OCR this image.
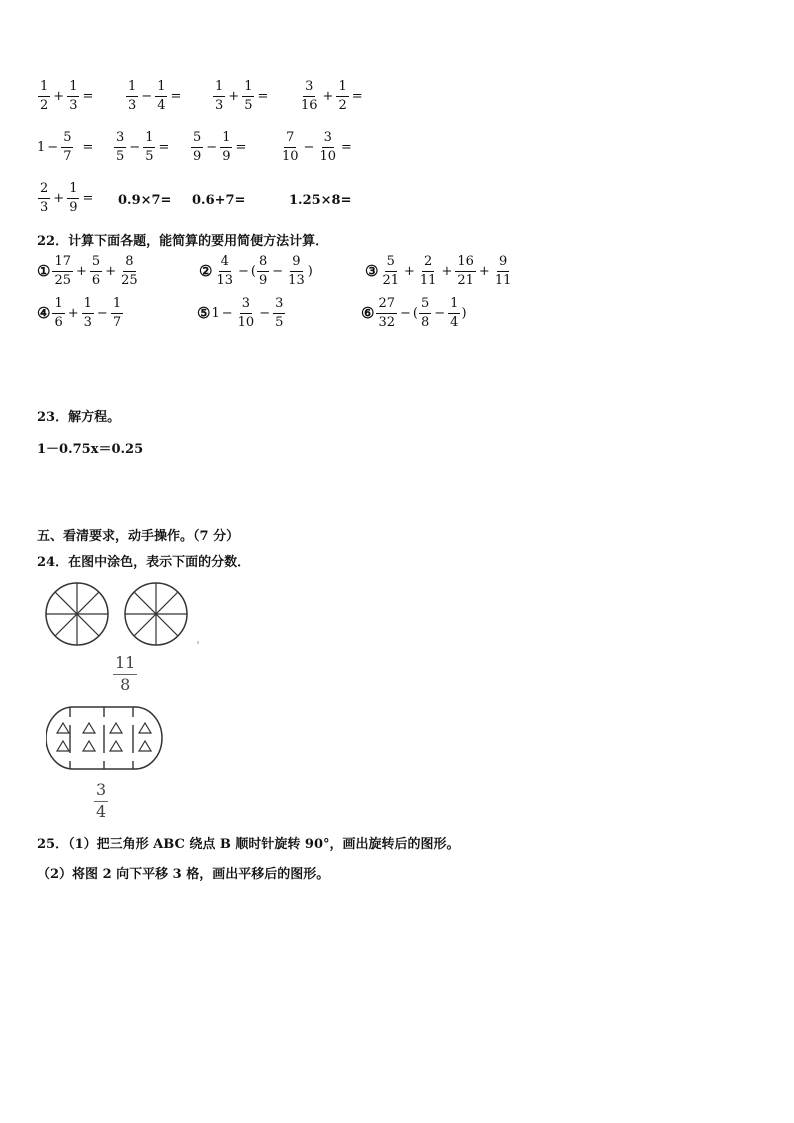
$\frac{1}{2} + \frac{1}{3}$ =	$\frac{1}{3} - \frac{1}{4} = \frac{1}{3} + \frac{1}{5} = \frac{3}{16} + \frac{1}{2}$ =
$1 - \frac{5}{7} = \frac{3}{5} - \frac{1}{5} = \frac{5}{9} - \frac{1}{9}$ =	$\frac{7}{10} - \frac{3}{10}$ =
$\frac{2}{3} + \frac{1}{9} = 0.9\times 7= 0.6+7=$	1.25×8=
22．计算下面各题，能简算的要用简便方法计算．
① $\frac{17}{25} + \frac{5}{6} + \frac{8}{25}$	② $\frac{4}{13}$ − ( $\frac{8}{9} - \frac{9}{13}$ )	③ $\frac{5}{21} + \frac{2}{11} + \frac{16}{21} + \frac{9}{11}$
④ $\frac{1}{6} + \frac{1}{3} - \frac{1}{7}$	⑤ $1 - \frac{3}{10} - \frac{3}{5}$	⑥ $\frac{27}{32}$ − ( $\frac{5}{8} - \frac{1}{4}$ )
23．解方程。
1－0.75x＝0.25
五、看清要求，动手操作。（7 分）
24．在图中涂色，表示下面的分数．
$\frac{11}{8}$
$\frac{3}{4}$
25．（1）把三角形 ABC 绕点 B 顺时针旋转 90°，画出旋转后的图形。
（2）将图 2 向下平移 3 格，画出平移后的图形。
